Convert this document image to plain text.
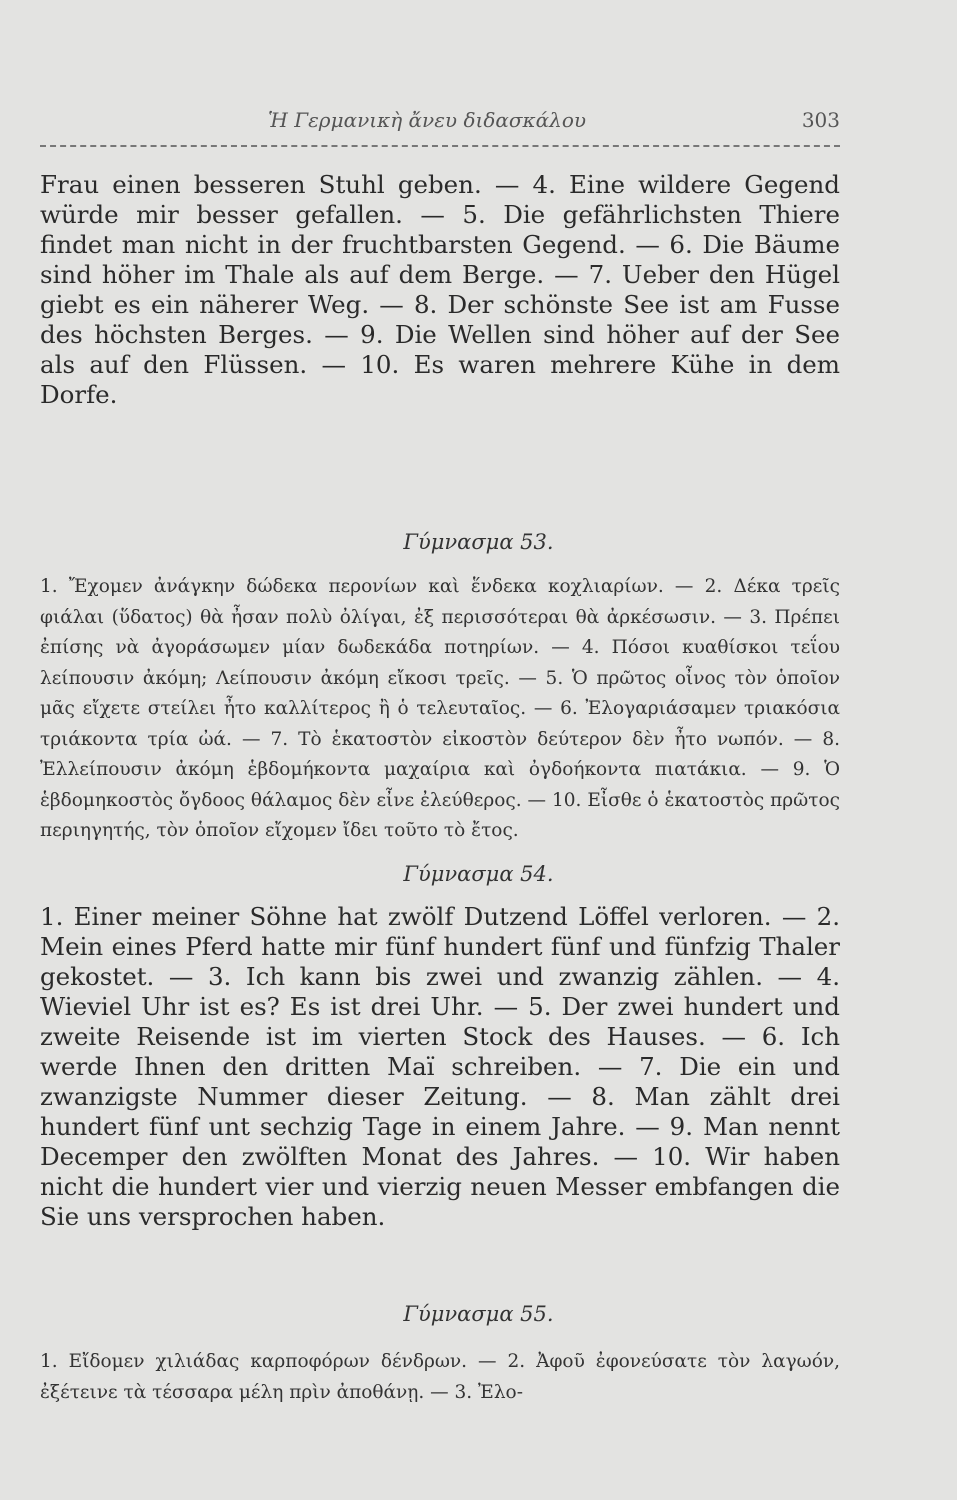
Ἡ Γερμανικὴ ἄνευ διδασκάλου	303

Frau einen besseren Stuhl geben. — 4. Eine wildere Gegend würde mir besser gefallen. — 5. Die gefährlichsten Thiere findet man nicht in der fruchtbarsten Gegend. — 6. Die Bäume sind höher im Thale als auf dem Berge. — 7. Ueber den Hügel giebt es ein näherer Weg. — 8. Der schönste See ist am Fusse des höchsten Berges. — 9. Die Wellen sind höher auf der See als auf den Flüssen. — 10. Es waren mehrere Kühe in dem Dorfe.

Γύμνασμα 53.

1. Ἔχομεν ἀνάγκην δώδεκα περονίων καὶ ἕνδεκα κοχλιαρίων. — 2. Δέκα τρεῖς φιάλαι (ὕδατος) θὰ ἦσαν πολὺ ὀλίγαι, ἐξ περισσότεραι θὰ ἀρκέσωσιν. — 3. Πρέπει ἐπίσης νὰ ἀγοράσωμεν μίαν δωδεκάδα ποτηρίων. — 4. Πόσοι κυαθίσκοι τεΐου λείπουσιν ἀκόμη; Λείπουσιν ἀκόμη εἴκοσι τρεῖς. — 5. Ὁ πρῶτος οἶνος τὸν ὁποῖον μᾶς εἴχετε στείλει ἦτο καλλίτερος ἢ ὁ τελευταῖος. — 6. Ἐλογαριάσαμεν τριακόσια τριάκοντα τρία ὠά. — 7. Τὸ ἑκατοστὸν εἰκοστὸν δεύτερον δὲν ἦτο νωπόν. — 8. Ἐλλείπουσιν ἀκόμη ἑβδομήκοντα μαχαίρια καὶ ὀγδοήκοντα πιατάκια. — 9. Ὁ ἑβδομηκοστὸς ὄγδοος θάλαμος δὲν εἶνε ἐλεύθερος. — 10. Εἶσθε ὁ ἑκατοστὸς πρῶτος περιηγητής, τὸν ὁποῖον εἴχομεν ἴδει τοῦτο τὸ ἔτος.

Γύμνασμα 54.

1. Einer meiner Söhne hat zwölf Dutzend Löffel verloren. — 2. Mein eines Pferd hatte mir fünf hundert fünf und fünfzig Thaler gekostet. — 3. Ich kann bis zwei und zwanzig zählen. — 4. Wieviel Uhr ist es? Es ist drei Uhr. — 5. Der zwei hundert und zweite Reisende ist im vierten Stock des Hauses. — 6. Ich werde Ihnen den dritten Maï schreiben. — 7. Die ein und zwanzigste Nummer dieser Zeitung. — 8. Man zählt drei hundert fünf unt sechzig Tage in einem Jahre. — 9. Man nennt Decemper den zwölften Monat des Jahres. — 10. Wir haben nicht die hundert vier und vierzig neuen Messer embfangen die Sie uns versprochen haben.

Γύμνασμα 55.

1. Εἴδομεν χιλιάδας καρποφόρων δένδρων. — 2. Ἀφοῦ ἐφονεύσατε τὸν λαγωόν, ἐξέτεινε τὰ τέσσαρα μέλη πρὶν ἀποθάνῃ. — 3. Ἐλο-
